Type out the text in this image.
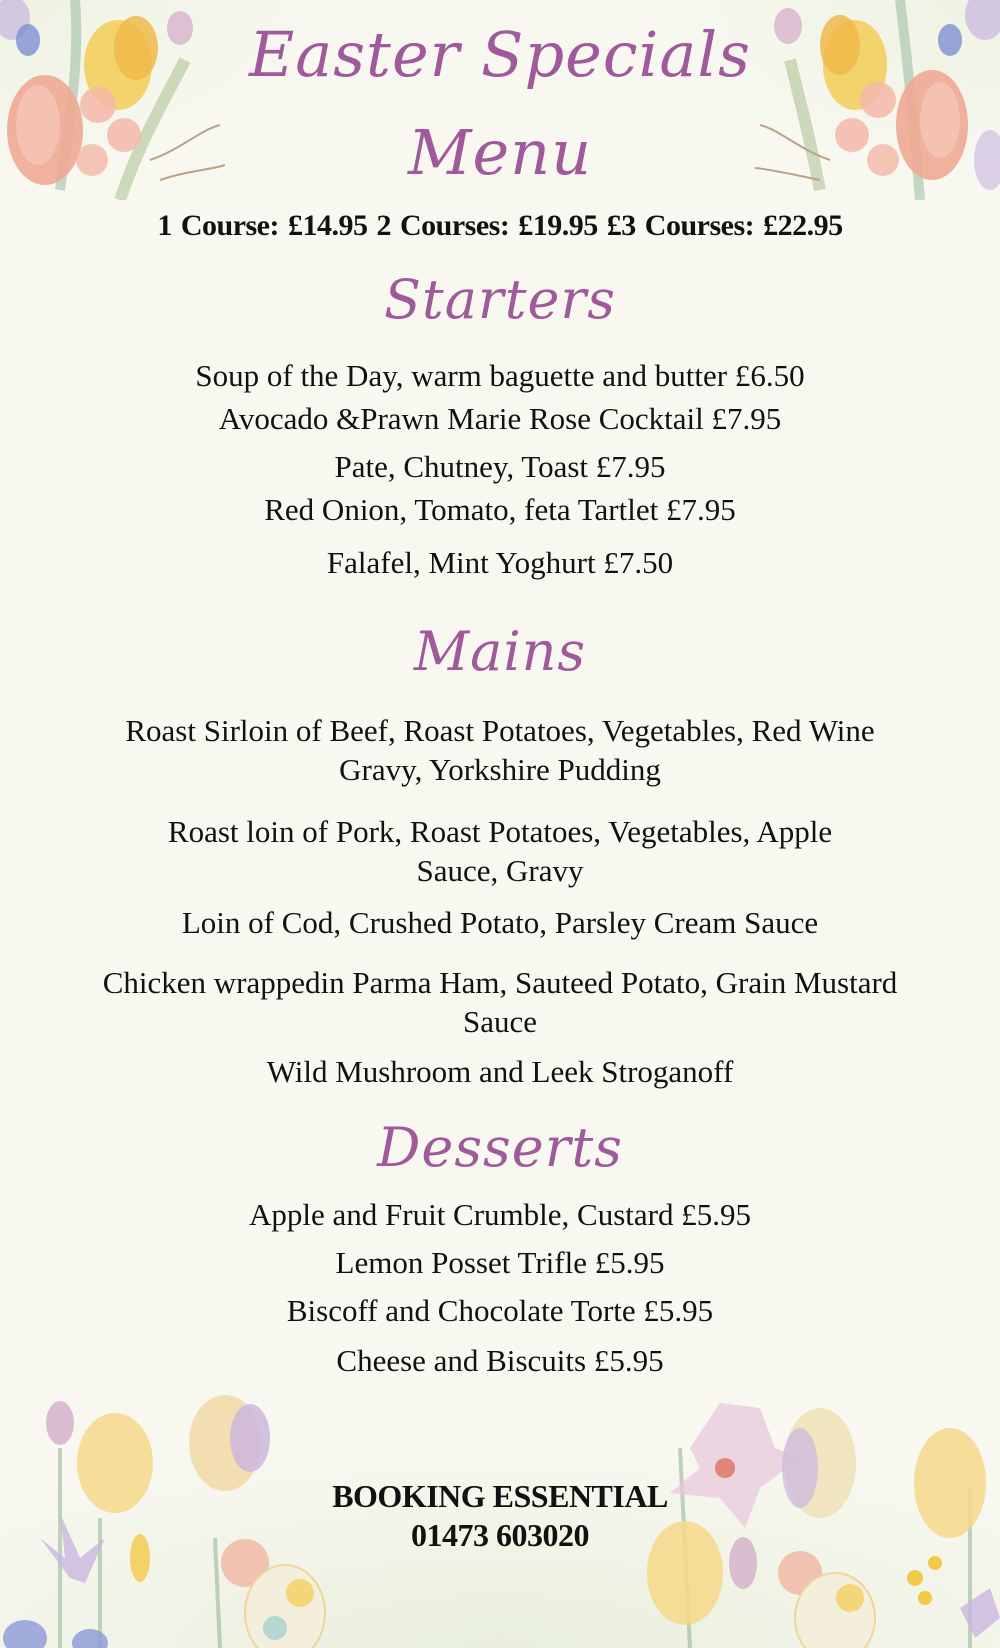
Easter Specials
Menu
1 Course: £14.95 2 Courses: £19.95 £3 Courses: £22.95
Starters
Soup of the Day, warm baguette and butter £6.50
Avocado &Prawn Marie Rose Cocktail £7.95
Pate, Chutney, Toast £7.95
Red Onion, Tomato, feta Tartlet £7.95
Falafel, Mint Yoghurt £7.50
Mains
Roast Sirloin of Beef, Roast Potatoes, Vegetables, Red Wine
Gravy, Yorkshire Pudding
Roast loin of Pork, Roast Potatoes, Vegetables, Apple
Sauce, Gravy
Loin of Cod, Crushed Potato, Parsley Cream Sauce
Chicken wrappedin Parma Ham, Sauteed Potato, Grain Mustard
Sauce
Wild Mushroom and Leek Stroganoff
Desserts
Apple and Fruit Crumble, Custard £5.95
Lemon Posset Trifle £5.95
Biscoff and Chocolate Torte £5.95
Cheese and Biscuits £5.95
BOOKING ESSENTIAL
01473 603020
